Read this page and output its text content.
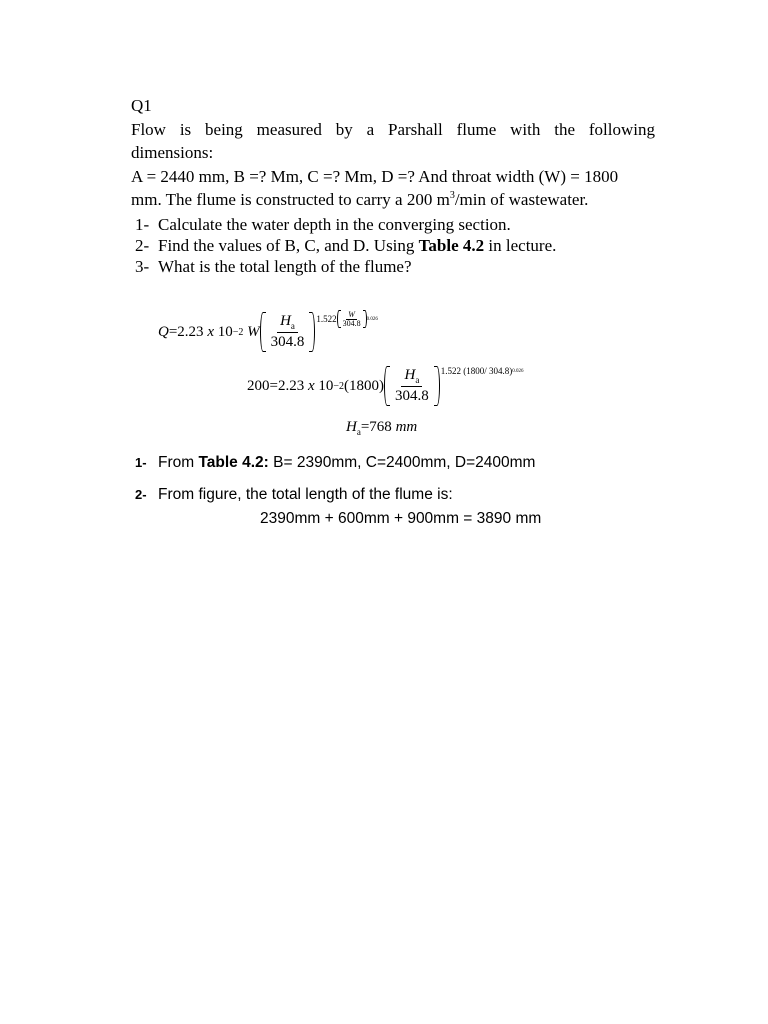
Q1
Flow is being measured by a Parshall flume with the following
dimensions:
A = 2440 mm, B =? Mm, C =? Mm, D =? And throat width (W) = 1800
mm. The flume is constructed to carry a 200 $m^3/\min$ of wastewater.
1- Calculate the water depth in the converging section.
2- Find the values of B, C, and D. Using Table 4.2 in lecture.
3- What is the total length of the flume?
Q =2.23
x
10 −2
W $\frac{H_a}{304.8} 1.522$ W
304.8	0.026
200 =2.23
x
10 −2 $(1800) \frac{H_a}{304.8} 1.522$ (1800/ 304.8) 0.026
$H_a=768$ mm
1- From Table 4.2: B= 2390mm, C=2400mm, D=2400mm
2- From figure, the total length of the flume is:
2390mm + 600mm + 900mm = 3890 mm
